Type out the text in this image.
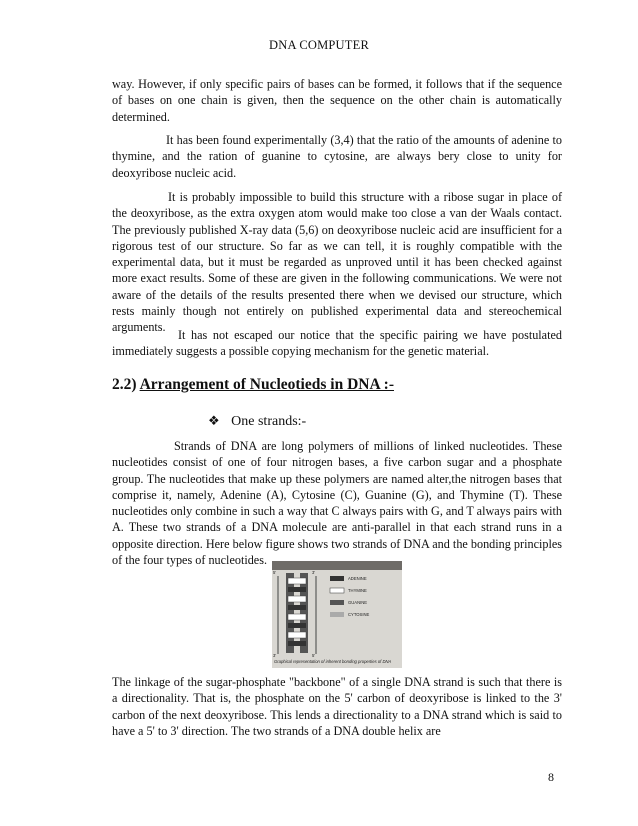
DNA COMPUTER

way. However, if only specific pairs of bases can be formed, it follows that if the sequence of bases on one chain is given, then the sequence on the other chain is automatically determined.

It has been found experimentally (3,4) that the ratio of the amounts of adenine to thymine, and the ration of guanine to cytosine, are always bery close to unity for deoxyribose nucleic acid.

It is probably impossible to build this structure with a ribose sugar in place of the deoxyribose, as the extra oxygen atom would make too close a van der Waals contact. The previously published X-ray data (5,6) on deoxyribose nucleic acid are insufficient for a rigorous test of our structure. So far as we can tell, it is roughly compatible with the experimental data, but it must be regarded as unproved until it has been checked against more exact results. Some of these are given in the following communications. We were not aware of the details of the results presented there when we devised our structure, which rests mainly though not entirely on published experimental data and stereochemical arguments.

It has not escaped our notice that the specific pairing we have postulated immediately suggests a possible copying mechanism for the genetic material.

2.2) Arrangement of Nucleotieds in DNA :-
❖ One strands:-

Strands of DNA are long polymers of millions of linked nucleotides. These nucleotides consist of one of four nitrogen bases, a five carbon sugar and a phosphate group. The nucleotides that make up these polymers are named alter,the nitrogen bases that comprise it, namely, Adenine (A), Cytosine (C), Guanine (G), and Thymine (T). These nucleotides only combine in such a way that C always pairs with G, and T always pairs with A. These two strands of a DNA molecule are anti-parallel in that each strand runs in a opposite direction. Here below figure shows two strands of DNA and the bonding principles of the four types of nucleotides.

ADENINE
THYMINE
GUANINE
CYTOSINE
5'	3'
3'	5'
Graphical representation of inherent bonding properties of DNA

The linkage of the sugar-phosphate "backbone" of a single DNA strand is such that there is a directionality. That is, the phosphate on the 5' carbon of deoxyribose is linked to the 3' carbon of the next deoxyribose. This lends a directionality to a DNA strand which is said to have a 5' to 3' direction. The two strands of a DNA double helix are

8
